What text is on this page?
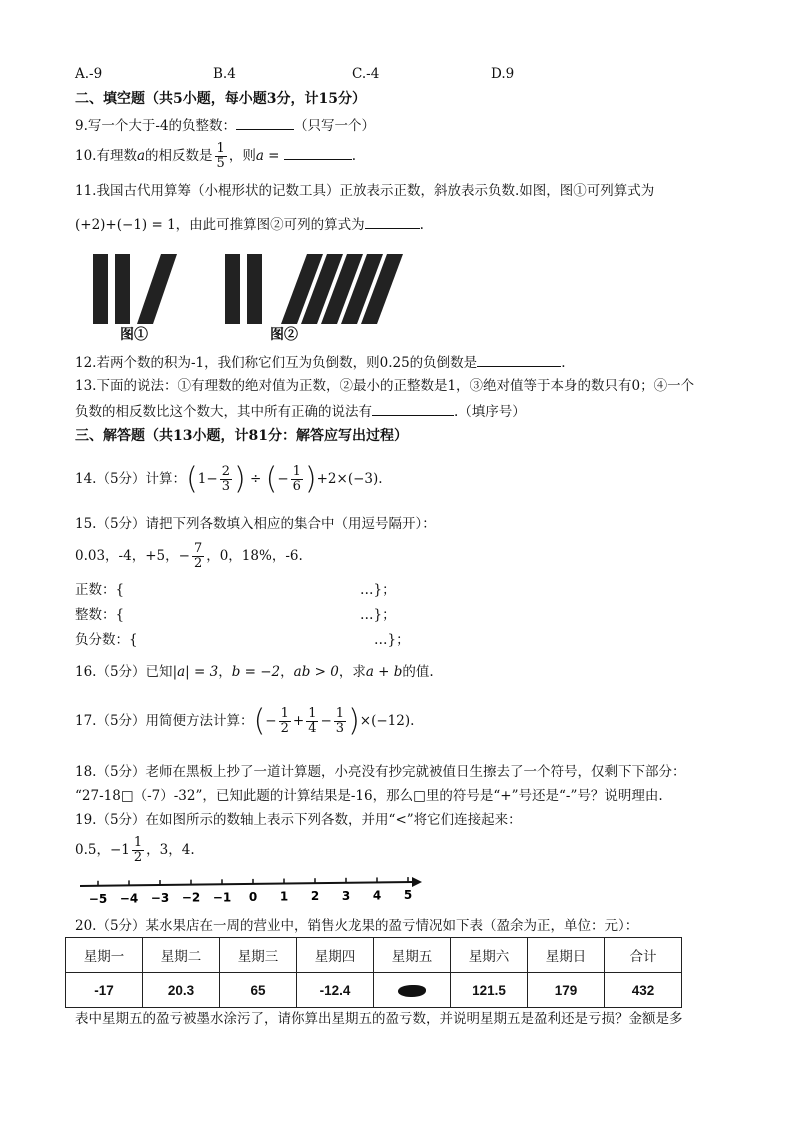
A.-9	B.4	C.-4	D.9
二、填空题（共5小题，每小题3分，计15分）
9.写一个大于-4的负整数：	（只写一个）
10.有理数a的相反数是 $\frac{1}{5}$ ，则a =	.
11.我国古代用算筹（小棍形状的记数工具）正放表示正数，斜放表示负数.如图，图①可列算式为
(+2)+(−1) = 1，由此可推算图②可列的算式为	.
图①	图②
12.若两个数的积为-1，我们称它们互为负倒数，则0.25的负倒数是	.
13.下面的说法：①有理数的绝对值为正数，②最小的正整数是1，③绝对值等于本身的数只有0；④一个
负数的相反数比这个数大，其中所有正确的说法有	.（填序号）
三、解答题（共13小题，计81分：解答应写出过程）
14.（5分）计算：($1- \frac{2}{3}$ ) ÷ (− $\frac{1}{6} )+2\times(-3)$.
15.（5分）请把下列各数填入相应的集合中（用逗号隔开）：
0.03，-4，+5，− $\frac{7}{2}$ ，0，18%，-6.
正数：{	…}；
整数：{	…}；
负分数：{	…}；
16.（5分）已知|a| = 3，b = −2，ab > 0，求a + b的值.
17.（5分）用简便方法计算：(− $\frac{1}{2} + \frac{1}{4} - \frac{1}{3} )\times(-12)$.
18.（5分）老师在黑板上抄了一道计算题，小亮没有抄完就被值日生擦去了一个符号，仅剩下下部分：
“27-18□（-7）-32”，已知此题的计算结果是-16，那么□里的符号是“+”号还是“-”号？说明理由.
19.（5分）在如图所示的数轴上表示下列各数，并用“<”将它们连接起来：
0.5，$-1 \frac{1}{2}$ ，3，4.
−5 −4 −3 −2 −1 0 1 2 3 4 5
20.（5分）某水果店在一周的营业中，销售火龙果的盈亏情况如下表（盈余为正，单位：元）：
星期一	星期二	星期三	星期四	星期五	星期六	星期日	合计
-17	20.3	65	-12.4		121.5	179	432
表中星期五的盈亏被墨水涂污了，请你算出星期五的盈亏数，并说明星期五是盈利还是亏损？金额是多
